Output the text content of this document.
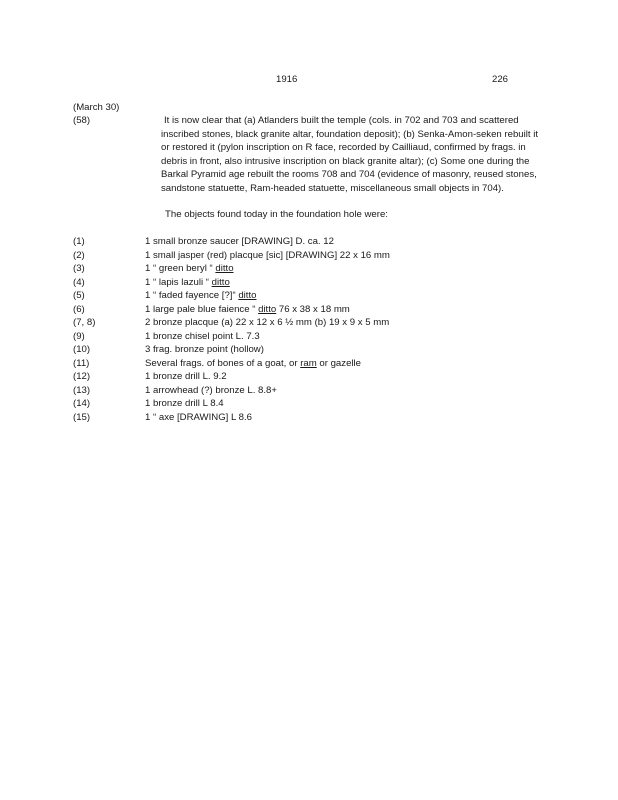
1916	226
(March 30)
(58)	It is now clear that (a) Atlanders built the temple (cols. in 702 and 703 and scattered inscribed stones, black granite altar, foundation deposit); (b) Senka-Amon-seken rebuilt it or restored it (pylon inscription on R face, recorded by Cailliaud, confirmed by frags. in debris in front, also intrusive inscription on black granite altar); (c) Some one during the Barkal Pyramid age rebuilt the rooms 708 and 704 (evidence of masonry, reused stones, sandstone statuette, Ram-headed statuette, miscellaneous small objects in 704).

The objects found today in the foundation hole were:

(1)	1 small bronze saucer [DRAWING] D. ca. 12
(2)	1 small jasper (red) placque [sic] [DRAWING] 22 x 16 mm
(3)	1 “ green beryl “ ditto
(4)	1 “ lapis lazuli “ ditto
(5)	1 “ faded fayence [?]“ ditto
(6)	1 large pale blue faience “ ditto 76 x 38 x 18 mm
(7, 8)	2 bronze placque (a) 22 x 12 x 6 ½ mm (b) 19 x 9 x 5 mm
(9)	1 bronze chisel point L. 7.3
(10)	3 frag. bronze point (hollow)
(11)	Several frags. of bones of a goat, or ram or gazelle
(12)	1 bronze drill L. 9.2
(13)	1 arrowhead (?) bronze L. 8.8+
(14)	1 bronze drill L 8.4
(15)	1 “ axe [DRAWING] L 8.6
